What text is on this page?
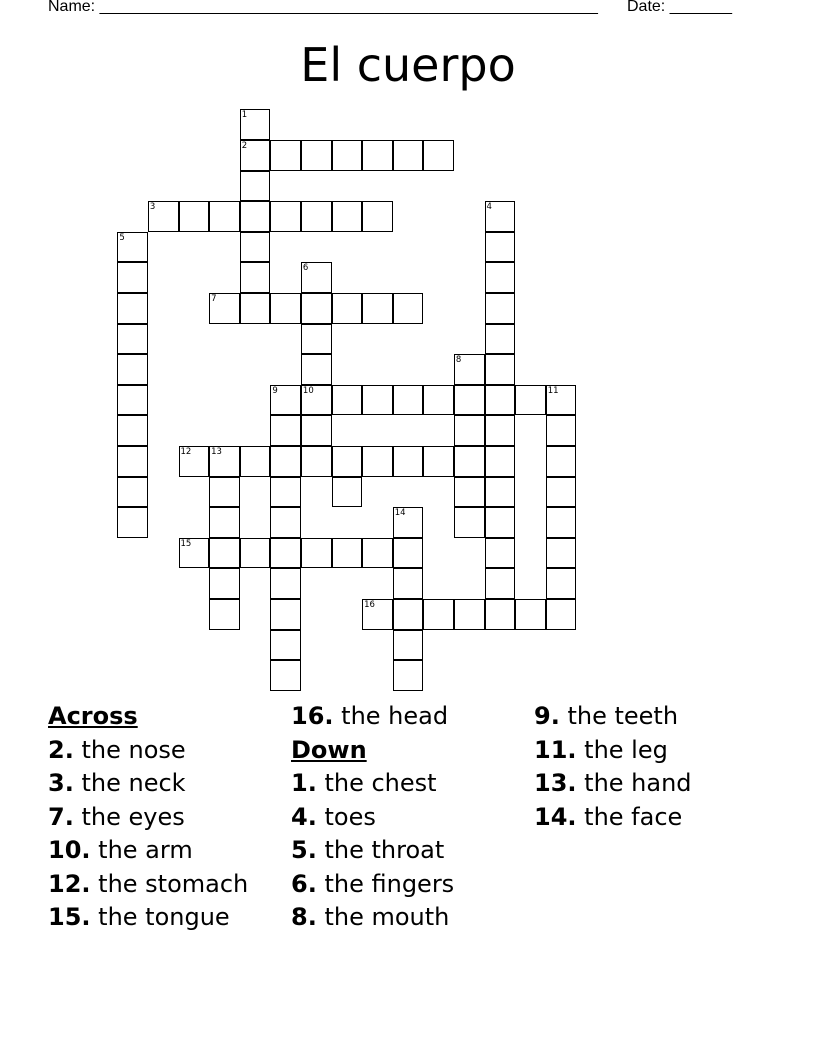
Name: ________________________________________________________ Date: _______
El cuerpo
1
2
3	4
5
6
7
8
9	10	11
12 13
14
15
16
Across
2. the nose
3. the neck
7. the eyes
10. the arm
12. the stomach
15. the tongue
16. the head
Down
1. the chest
4. toes
5. the throat
6. the fingers
8. the mouth
9. the teeth
11. the leg
13. the hand
14. the face
